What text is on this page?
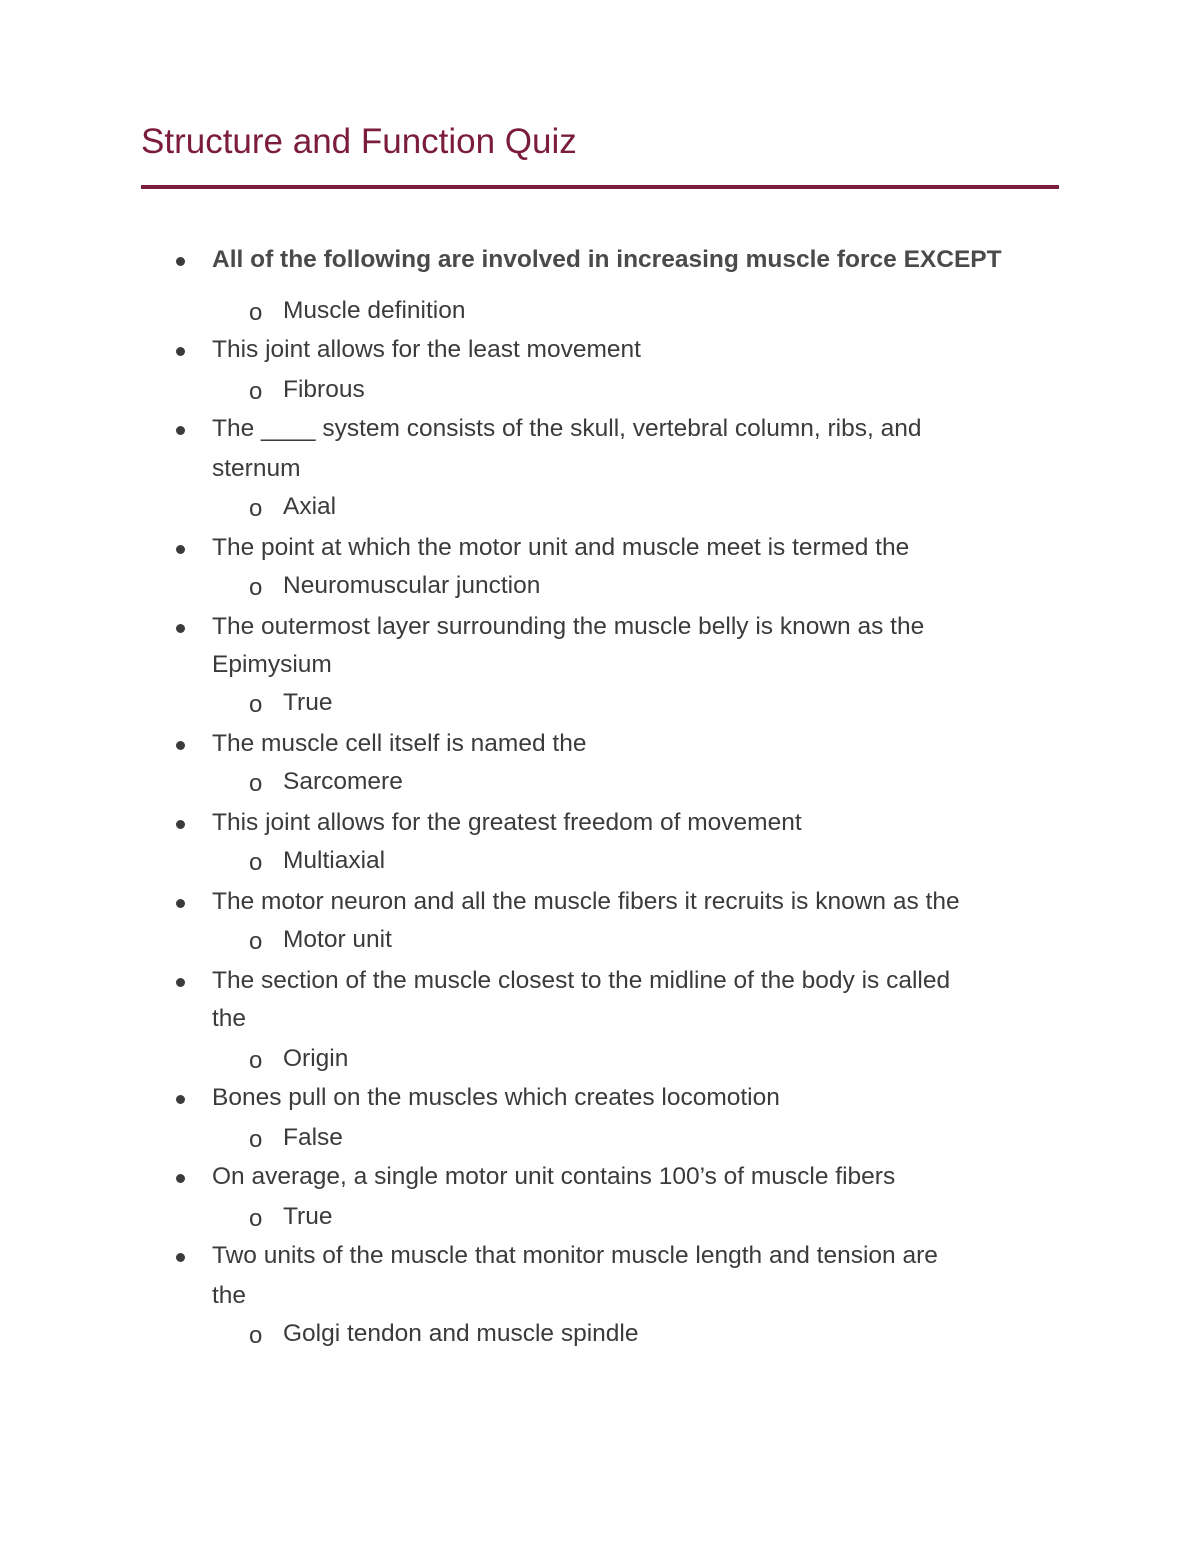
Structure and Function Quiz
All of the following are involved in increasing muscle force EXCEPT
o Muscle definition
This joint allows for the least movement
o Fibrous
The ____ system consists of the skull, vertebral column, ribs, and
sternum
o Axial
The point at which the motor unit and muscle meet is termed the
o Neuromuscular junction
The outermost layer surrounding the muscle belly is known as the
Epimysium
o True
The muscle cell itself is named the
o Sarcomere
This joint allows for the greatest freedom of movement
o Multiaxial
The motor neuron and all the muscle fibers it recruits is known as the
o Motor unit
The section of the muscle closest to the midline of the body is called
the
o Origin
Bones pull on the muscles which creates locomotion
o False
On average, a single motor unit contains 100’s of muscle fibers
o True
Two units of the muscle that monitor muscle length and tension are
the
o Golgi tendon and muscle spindle
